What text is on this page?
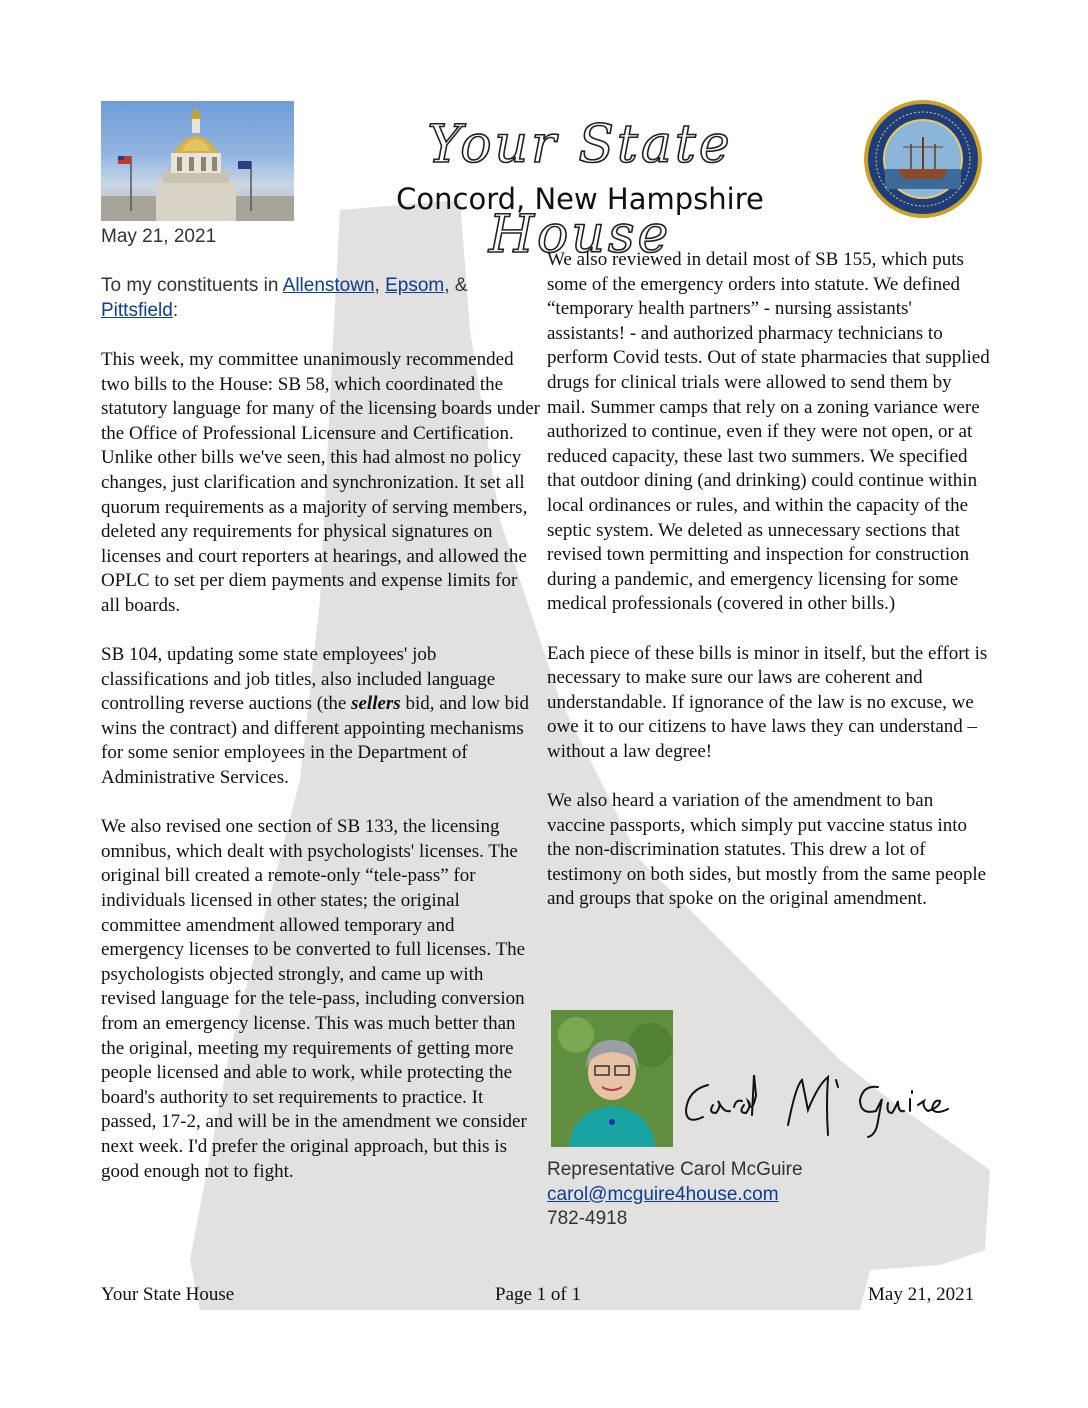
Your State House
Concord, New Hampshire

May 21, 2021

To my constituents in Allenstown, Epsom, & Pittsfield:

This week, my committee unanimously recommended two bills to the House: SB 58, which coordinated the statutory language for many of the licensing boards under the Office of Professional Licensure and Certification. Unlike other bills we've seen, this had almost no policy changes, just clarification and synchronization. It set all quorum requirements as a majority of serving members, deleted any requirements for physical signatures on licenses and court reporters at hearings, and allowed the OPLC to set per diem payments and expense limits for all boards.

SB 104, updating some state employees' job classifications and job titles, also included language controlling reverse auctions (the sellers bid, and low bid wins the contract) and different appointing mechanisms for some senior employees in the Department of Administrative Services.

We also revised one section of SB 133, the licensing omnibus, which dealt with psychologists' licenses. The original bill created a remote-only “tele-pass” for individuals licensed in other states; the original committee amendment allowed temporary and emergency licenses to be converted to full licenses. The psychologists objected strongly, and came up with revised language for the tele-pass, including conversion from an emergency license. This was much better than the original, meeting my requirements of getting more people licensed and able to work, while protecting the board's authority to set requirements to practice. It passed, 17-2, and will be in the amendment we consider next week. I'd prefer the original approach, but this is good enough not to fight.

We also reviewed in detail most of SB 155, which puts some of the emergency orders into statute. We defined “temporary health partners” - nursing assistants' assistants! - and authorized pharmacy technicians to perform Covid tests. Out of state pharmacies that supplied drugs for clinical trials were allowed to send them by mail. Summer camps that rely on a zoning variance were authorized to continue, even if they were not open, or at reduced capacity, these last two summers. We specified that outdoor dining (and drinking) could continue within local ordinances or rules, and within the capacity of the septic system. We deleted as unnecessary sections that revised town permitting and inspection for construction during a pandemic, and emergency licensing for some medical professionals (covered in other bills.)

Each piece of these bills is minor in itself, but the effort is necessary to make sure our laws are coherent and understandable. If ignorance of the law is no excuse, we owe it to our citizens to have laws they can understand – without a law degree!

We also heard a variation of the amendment to ban vaccine passports, which simply put vaccine status into the non-discrimination statutes. This drew a lot of testimony on both sides, but mostly from the same people and groups that spoke on the original amendment.

Representative Carol McGuire
carol@mcguire4house.com
782-4918
Your State House	Page 1 of 1	May 21, 2021
